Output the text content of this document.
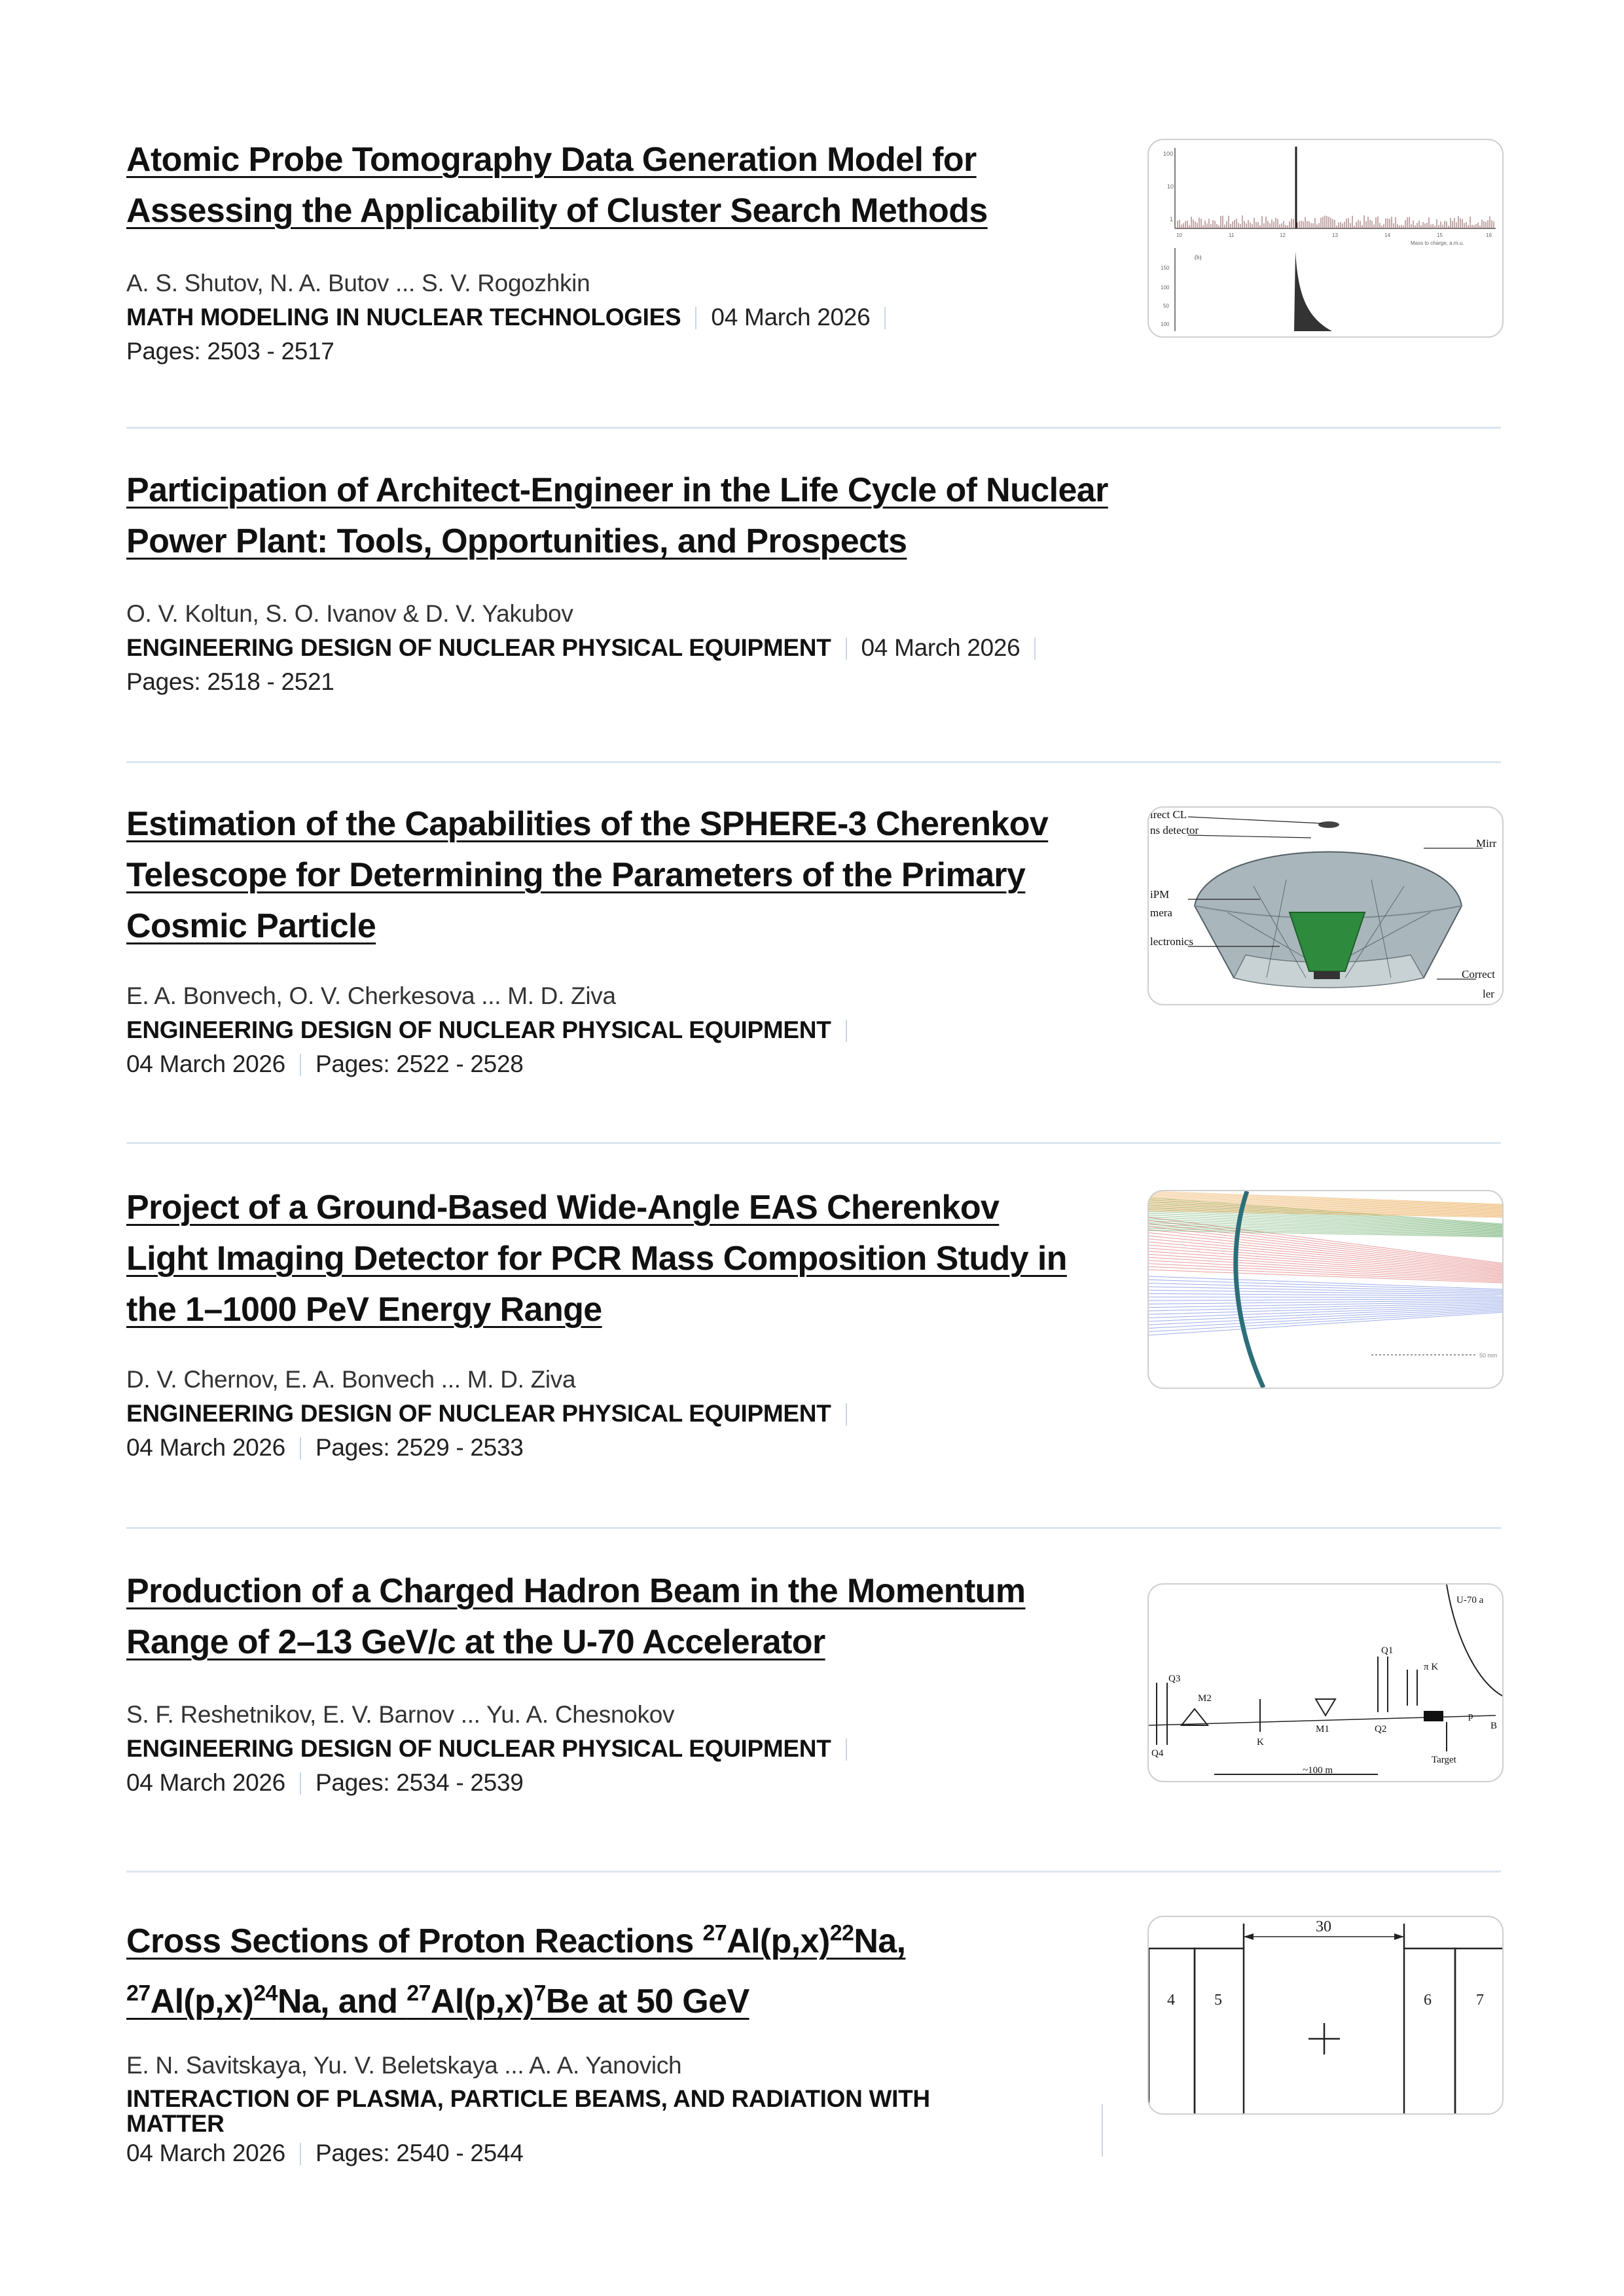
Atomic Probe Tomography Data Generation Model for
Assessing the Applicability of Cluster Search Methods
A. S. Shutov, N. A. Butov ... S. V. Rogozhkin
MATH MODELING IN NUCLEAR TECHNOLOGIES 04 March 2026
Pages: 2503 - 2517
100
10
1
10	11	12	13	14	15	16
Mass to charge, a.m.u.
150
100
50
100
(b)
Participation of Architect-Engineer in the Life Cycle of Nuclear
Power Plant: Tools, Opportunities, and Prospects
O. V. Koltun, S. O. Ivanov & D. V. Yakubov
ENGINEERING DESIGN OF NUCLEAR PHYSICAL EQUIPMENT 04 March 2026
Pages: 2518 - 2521
Estimation of the Capabilities of the SPHERE-3 Cherenkov
Telescope for Determining the Parameters of the Primary
Cosmic Particle
E. A. Bonvech, O. V. Cherkesova ... M. D. Ziva
ENGINEERING DESIGN OF NUCLEAR PHYSICAL EQUIPMENT
04 March 2026 Pages: 2522 - 2528
irect CL
ns detector
Mirr
iPM
mera
lectronics
Correct
ler
Project of a Ground-Based Wide-Angle EAS Cherenkov
Light Imaging Detector for PCR Mass Composition Study in
the 1–1000 PeV Energy Range
D. V. Chernov, E. A. Bonvech ... M. D. Ziva
ENGINEERING DESIGN OF NUCLEAR PHYSICAL EQUIPMENT
04 March 2026 Pages: 2529 - 2533
50 mm
Production of a Charged Hadron Beam in the Momentum
Range of 2–13 GeV/c at the U-70 Accelerator
S. F. Reshetnikov, E. V. Barnov ... Yu. A. Chesnokov
ENGINEERING DESIGN OF NUCLEAR PHYSICAL EQUIPMENT
04 March 2026 Pages: 2534 - 2539
U-70 a
Q3
M2
Q4
K
M1
Q1
Q2
π K
Target
p
B
~100 m
Cross Sections of Proton Reactions $^{27}Al(p,x)^{22}Na$,
$^{27}Al(p,x)^{24}Na$, and $^{27}Al(p,x)^7Be$ at 50 GeV
E. N. Savitskaya, Yu. V. Beletskaya ... A. A. Yanovich
INTERACTION OF PLASMA, PARTICLE BEAMS, AND RADIATION WITH
MATTER
04 March 2026 Pages: 2540 - 2544
30
4	5	6	7
